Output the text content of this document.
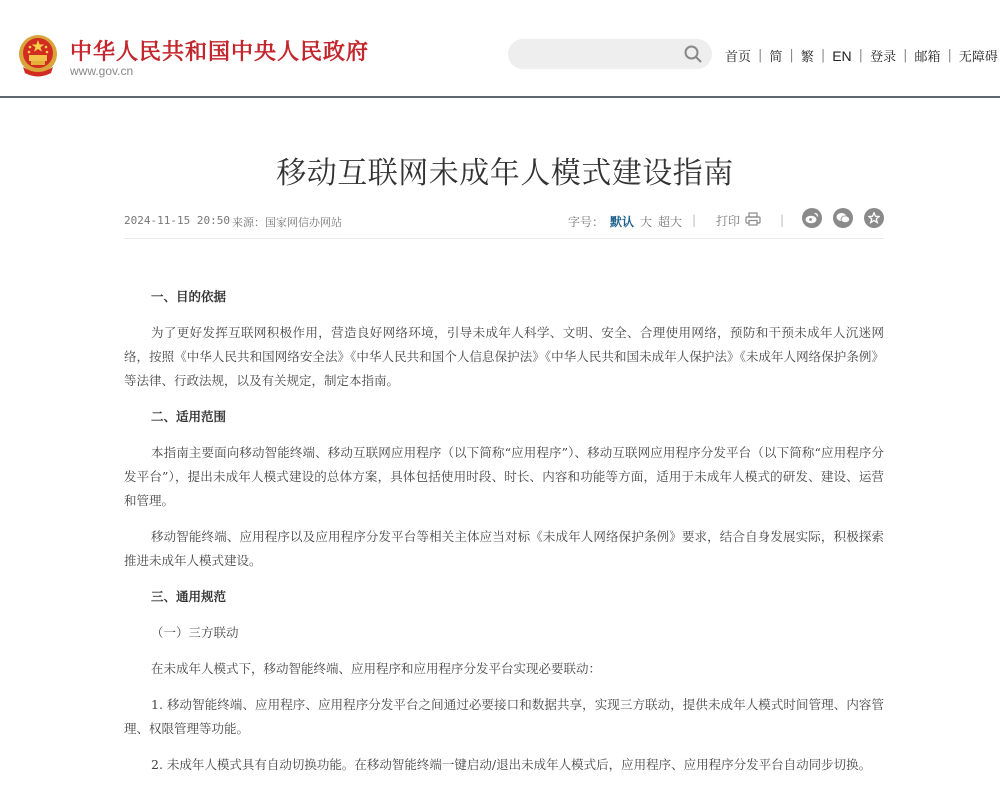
中华人民共和国中央人民政府
www.gov.cn
首页 | 简 | 繁 | EN | 登录 | 邮箱 | 无障碍
移动互联网未成年人模式建设指南
2024-11-15 20:50 来源：国家网信办网站	字号： 默认 大 超大 | 打印	|
一、目的依据

为了更好发挥互联网积极作用，营造良好网络环境，引导未成年人科学、文明、安全、合理使用网络，预防和干预未成年人沉迷网络，按照《中华人民共和国网络安全法》《中华人民共和国个人信息保护法》《中华人民共和国未成年人保护法》《未成年人网络保护条例》等法律、行政法规，以及有关规定，制定本指南。

二、适用范围

本指南主要面向移动智能终端、移动互联网应用程序（以下简称“应用程序”）、移动互联网应用程序分发平台（以下简称“应用程序分发平台”），提出未成年人模式建设的总体方案，具体包括使用时段、时长、内容和功能等方面，适用于未成年人模式的研发、建设、运营和管理。

移动智能终端、应用程序以及应用程序分发平台等相关主体应当对标《未成年人网络保护条例》要求，结合自身发展实际，积极探索推进未成年人模式建设。

三、通用规范
（一）三方联动

在未成年人模式下，移动智能终端、应用程序和应用程序分发平台实现必要联动：

1. 移动智能终端、应用程序、应用程序分发平台之间通过必要接口和数据共享，实现三方联动，提供未成年人模式时间管理、内容管理、权限管理等功能。

2. 未成年人模式具有自动切换功能。在移动智能终端一键启动/退出未成年人模式后，应用程序、应用程序分发平台自动同步切换。
